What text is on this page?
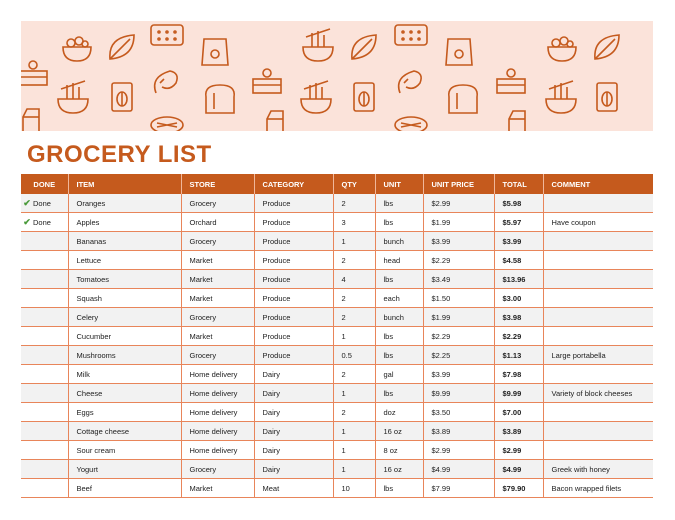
GROCERY LIST
DONE	ITEM	STORE	CATEGORY	QTY	UNIT	UNIT PRICE	TOTAL	COMMENT

✔ Done	Oranges	Grocery	Produce	2	lbs	$2.99	$5.98	

✔ Done	Apples	Orchard	Produce	3	lbs	$1.99	$5.97	Have coupon

	Bananas	Grocery	Produce	1	bunch	$3.99	$3.99	

	Lettuce	Market	Produce	2	head	$2.29	$4.58	

	Tomatoes	Market	Produce	4	lbs	$3.49	$13.96	

	Squash	Market	Produce	2	each	$1.50	$3.00	

	Celery	Grocery	Produce	2	bunch	$1.99	$3.98	

	Cucumber	Market	Produce	1	lbs	$2.29	$2.29	

	Mushrooms	Grocery	Produce	0.5	lbs	$2.25	$1.13	Large portabella

	Milk	Home delivery	Dairy	2	gal	$3.99	$7.98	

	Cheese	Home delivery	Dairy	1	lbs	$9.99	$9.99	Variety of block cheeses

	Eggs	Home delivery	Dairy	2	doz	$3.50	$7.00	

	Cottage cheese	Home delivery	Dairy	1	16 oz	$3.89	$3.89	

	Sour cream	Home delivery	Dairy	1	8 oz	$2.99	$2.99	

	Yogurt	Grocery	Dairy	1	16 oz	$4.99	$4.99	Greek with honey

	Beef	Market	Meat	10	lbs	$7.99	$79.90	Bacon wrapped filets
